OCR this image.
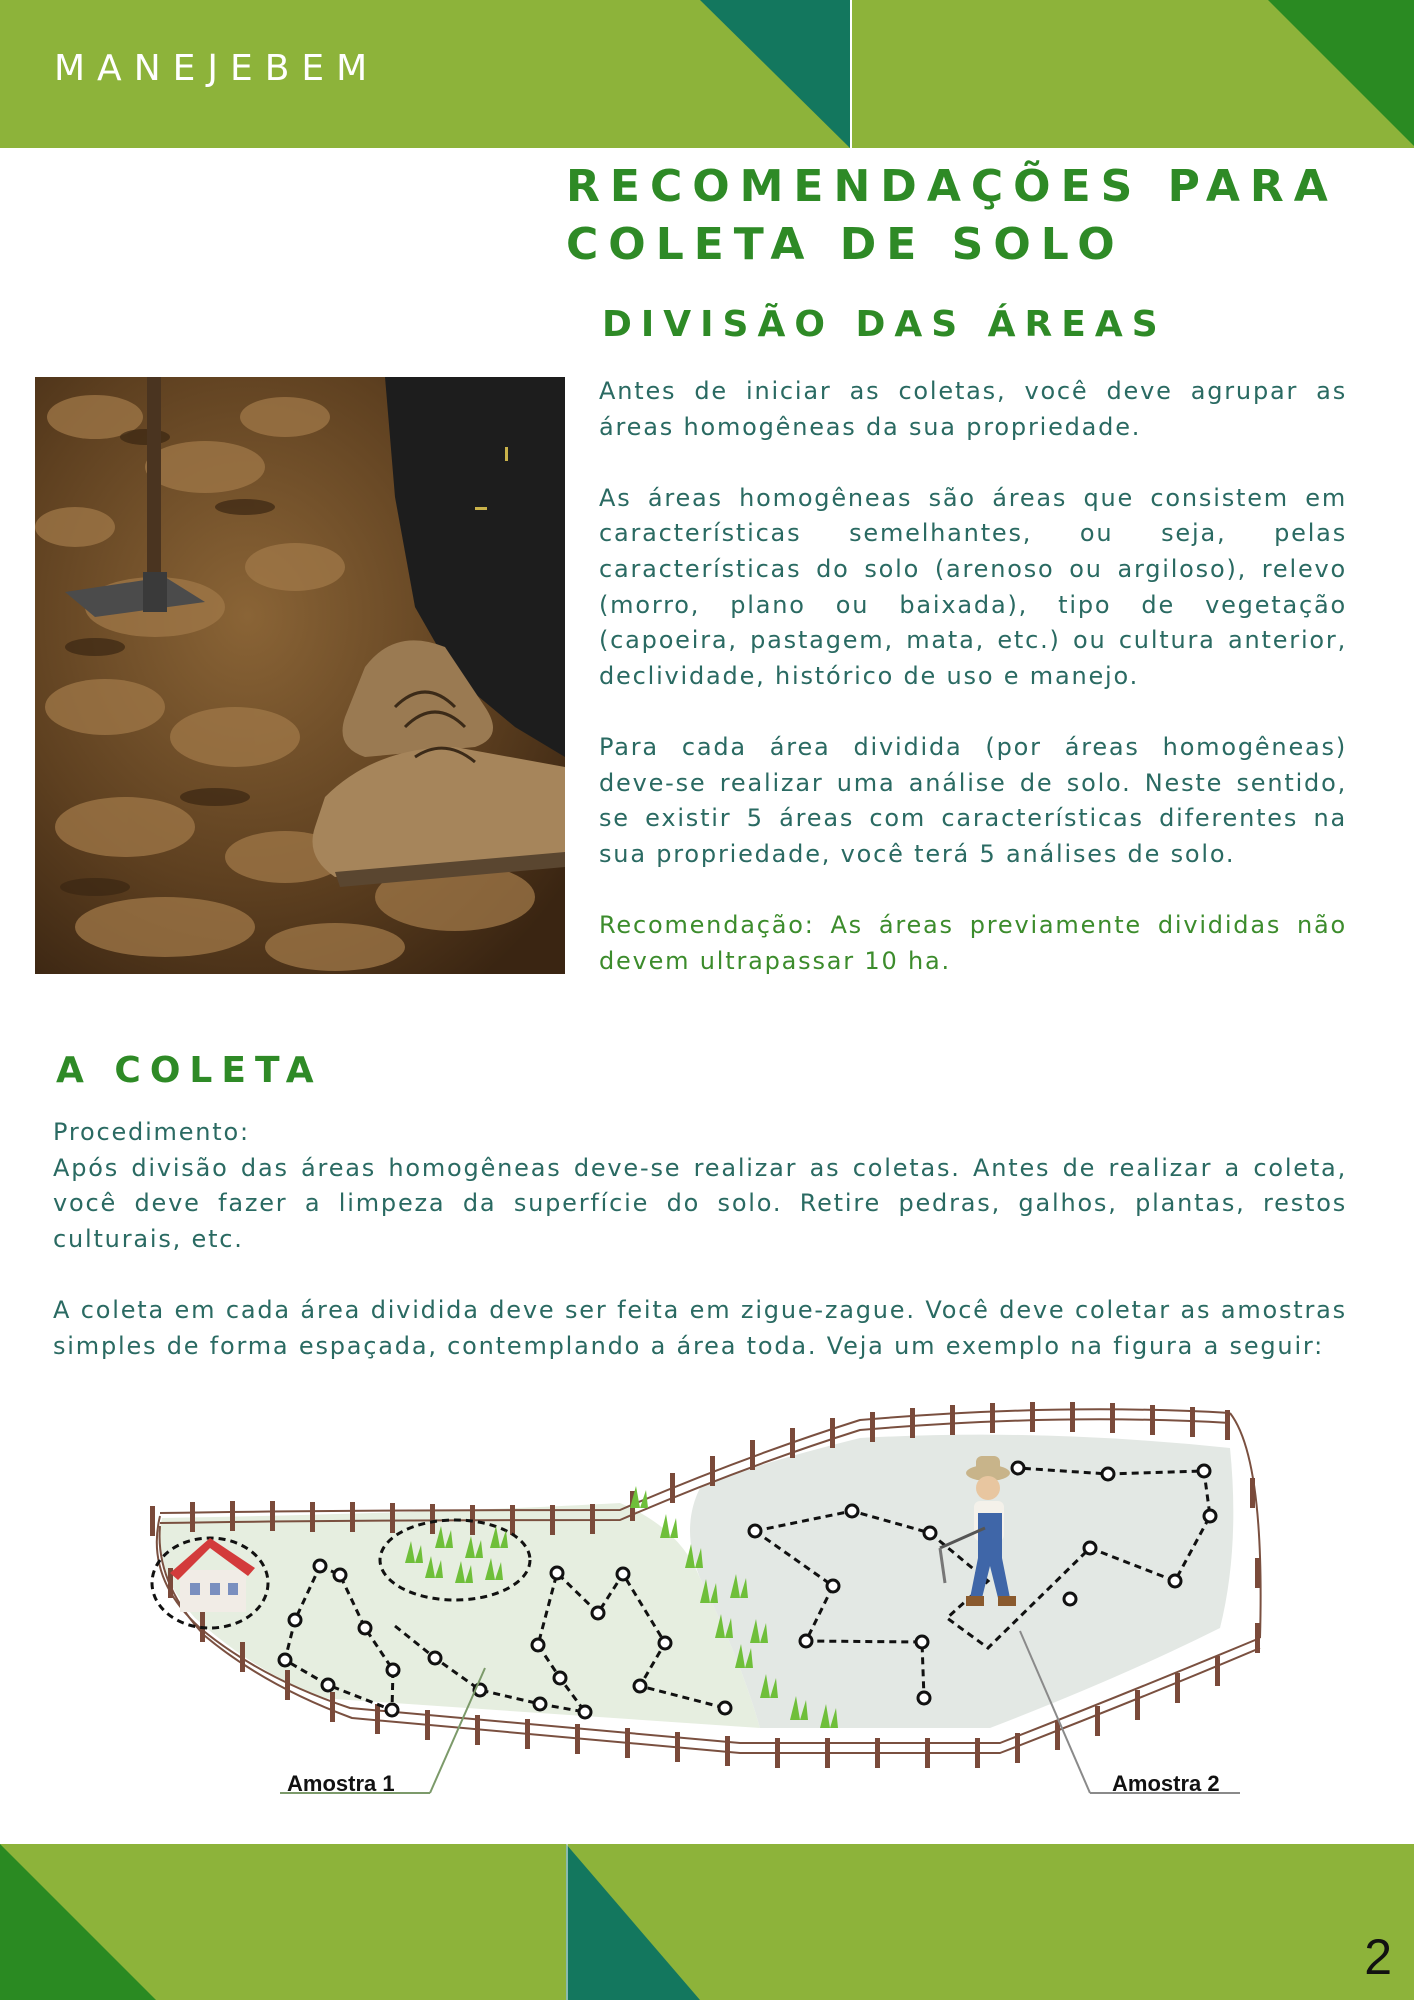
MANEJEBEM
RECOMENDAÇÕES PARA COLETA DE SOLO
DIVISÃO DAS ÁREAS

Antes de iniciar as coletas, você deve agrupar as áreas homogêneas da sua propriedade.

As áreas homogêneas são áreas que consistem em características semelhantes, ou seja, pelas características do solo (arenoso ou argiloso), relevo (morro, plano ou baixada), tipo de vegetação (capoeira, pastagem, mata, etc.) ou cultura anterior, declividade, histórico de uso e manejo.

Para cada área dividida (por áreas homogêneas) deve-se realizar uma análise de solo. Neste sentido, se existir 5 áreas com características diferentes na sua propriedade, você terá 5 análises de solo.

Recomendação: As áreas previamente divididas não devem ultrapassar 10 ha.

A COLETA
Procedimento:

Após divisão das áreas homogêneas deve-se realizar as coletas. Antes de realizar a coleta, você deve fazer a limpeza da superfície do solo. Retire pedras, galhos, plantas, restos culturais, etc.

A coleta em cada área dividida deve ser feita em zigue-zague. Você deve coletar as amostras simples de forma espaçada, contemplando a área toda. Veja um exemplo na figura a seguir:

Amostra 1	Amostra 2
2
